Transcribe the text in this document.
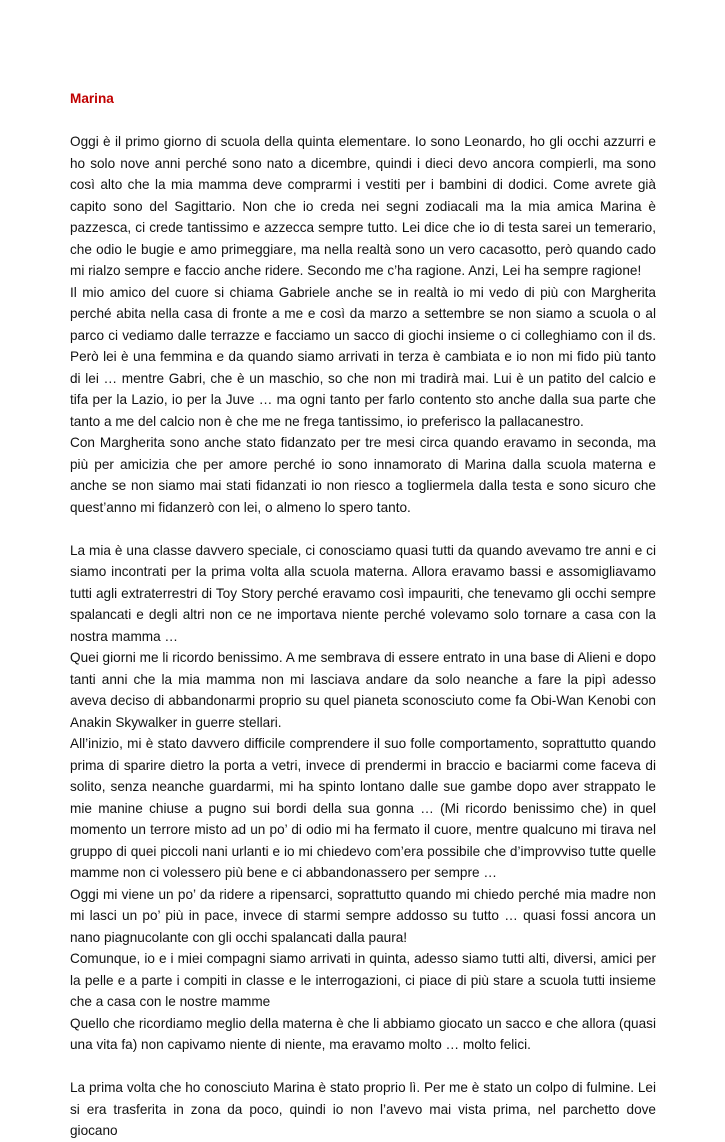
Marina

Oggi è il primo giorno di scuola della quinta elementare. Io sono Leonardo, ho gli occhi azzurri e ho solo nove anni perché sono nato a dicembre, quindi i dieci devo ancora compierli, ma sono così alto che la mia mamma deve comprarmi i vestiti per i bambini di dodici. Come avrete già capito sono del Sagittario. Non che io creda nei segni zodiacali ma la mia amica Marina è pazzesca, ci crede tantissimo e azzecca sempre tutto. Lei dice che io di testa sarei un temerario, che odio le bugie e amo primeggiare, ma nella realtà sono un vero cacasotto, però quando cado mi rialzo sempre e faccio anche ridere. Secondo me c’ha ragione. Anzi, Lei ha sempre ragione!

Il mio amico del cuore si chiama Gabriele anche se in realtà io mi vedo di più con Margherita perché abita nella casa di fronte a me e così da marzo a settembre se non siamo a scuola o al parco ci vediamo dalle terrazze e facciamo un sacco di giochi insieme o ci colleghiamo con il ds. Però lei è una femmina e da quando siamo arrivati in terza è cambiata e io non mi fido più tanto di lei … mentre Gabri, che è un maschio, so che non mi tradirà mai. Lui è un patito del calcio e tifa per la Lazio, io per la Juve … ma ogni tanto per farlo contento sto anche dalla sua parte che tanto a me del calcio non è che me ne frega tantissimo, io preferisco la pallacanestro.

Con Margherita sono anche stato fidanzato per tre mesi circa quando eravamo in seconda, ma più per amicizia che per amore perché io sono innamorato di Marina dalla scuola materna e anche se non siamo mai stati fidanzati io non riesco a togliermela dalla testa e sono sicuro che quest’anno mi fidanzerò con lei, o almeno lo spero tanto.

La mia è una classe davvero speciale, ci conosciamo quasi tutti da quando avevamo tre anni e ci siamo incontrati per la prima volta alla scuola materna. Allora eravamo bassi e assomigliavamo tutti agli extraterrestri di Toy Story perché eravamo così impauriti, che tenevamo gli occhi sempre spalancati e degli altri non ce ne importava niente perché volevamo solo tornare a casa con la nostra mamma …

Quei giorni me li ricordo benissimo. A me sembrava di essere entrato in una base di Alieni e dopo tanti anni che la mia mamma non mi lasciava andare da solo neanche a fare la pipì adesso aveva deciso di abbandonarmi proprio su quel pianeta sconosciuto come fa Obi-Wan Kenobi con Anakin Skywalker in guerre stellari.

All’inizio, mi è stato davvero difficile comprendere il suo folle comportamento, soprattutto quando prima di sparire dietro la porta a vetri, invece di prendermi in braccio e baciarmi come faceva di solito, senza neanche guardarmi, mi ha spinto lontano dalle sue gambe dopo aver strappato le mie manine chiuse a pugno sui bordi della sua gonna … (Mi ricordo benissimo che) in quel momento un terrore misto ad un po’ di odio mi ha fermato il cuore, mentre qualcuno mi tirava nel gruppo di quei piccoli nani urlanti e io mi chiedevo com’era possibile che d’improvviso tutte quelle mamme non ci volessero più bene e ci abbandonassero per sempre …

Oggi mi viene un po’ da ridere a ripensarci, soprattutto quando mi chiedo perché mia madre non mi lasci un po’ più in pace, invece di starmi sempre addosso su tutto … quasi fossi ancora un nano piagnucolante con gli occhi spalancati dalla paura!

Comunque, io e i miei compagni siamo arrivati in quinta, adesso siamo tutti alti, diversi, amici per la pelle e a parte i compiti in classe e le interrogazioni, ci piace di più stare a scuola tutti insieme che a casa con le nostre mamme

Quello che ricordiamo meglio della materna è che li abbiamo giocato un sacco e che allora (quasi una vita fa) non capivamo niente di niente, ma eravamo molto … molto felici.

La prima volta che ho conosciuto Marina è stato proprio lì. Per me è stato un colpo di fulmine. Lei si era trasferita in zona da poco, quindi io non l’avevo mai vista prima, nel parchetto dove giocano
